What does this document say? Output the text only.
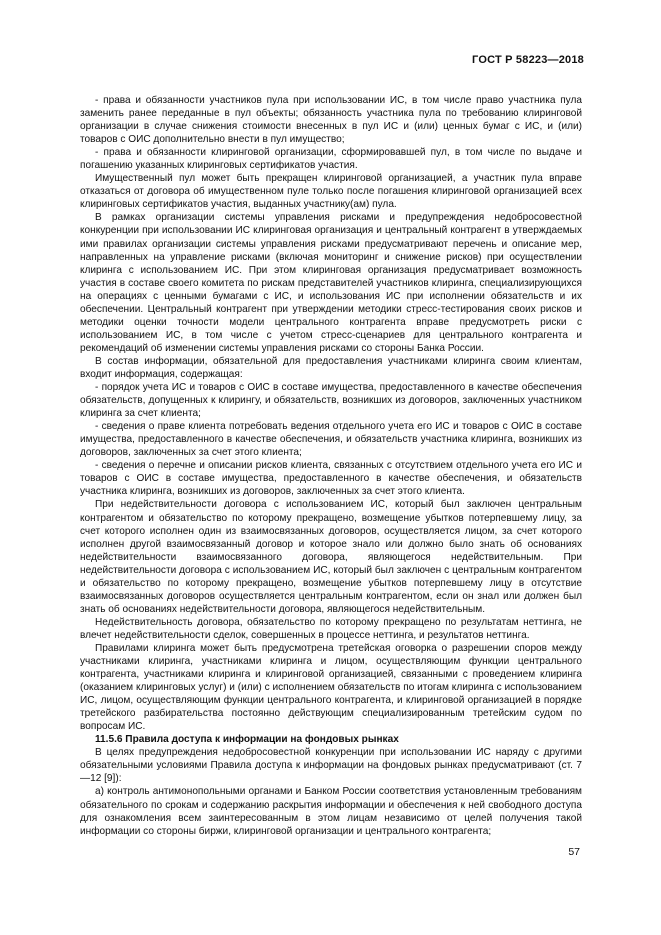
ГОСТ Р 58223—2018

- права и обязанности участников пула при использовании ИС, в том числе право участника пула заменить ранее переданные в пул объекты; обязанность участника пула по требованию клиринговой организации в случае снижения стоимости внесенных в пул ИС и (или) ценных бумаг с ИС, и (или) товаров с ОИС дополнительно внести в пул имущество;

- права и обязанности клиринговой организации, сформировавшей пул, в том числе по выдаче и погашению указанных клиринговых сертификатов участия.

Имущественный пул может быть прекращен клиринговой организацией, а участник пула вправе отказаться от договора об имущественном пуле только после погашения клиринговой организацией всех клиринговых сертификатов участия, выданных участнику(ам) пула.

В рамках организации системы управления рисками и предупреждения недобросовестной конкуренции при использовании ИС клиринговая организация и центральный контрагент в утверждаемых ими правилах организации системы управления рисками предусматривают перечень и описание мер, направленных на управление рисками (включая мониторинг и снижение рисков) при осуществлении клиринга с использованием ИС. При этом клиринговая организация предусматривает возможность участия в составе своего комитета по рискам представителей участников клиринга, специализирующихся на операциях с ценными бумагами с ИС, и использования ИС при исполнении обязательств и их обеспечении. Центральный контрагент при утверждении методики стресс-тестирования своих рисков и методики оценки точности модели центрального контрагента вправе предусмотреть риски с использованием ИС, в том числе с учетом стресс-сценариев для центрального контрагента и рекомендаций об изменении системы управления рисками со стороны Банка России.

В состав информации, обязательной для предоставления участниками клиринга своим клиентам, входит информация, содержащая:

- порядок учета ИС и товаров с ОИС в составе имущества, предоставленного в качестве обеспечения обязательств, допущенных к клирингу, и обязательств, возникших из договоров, заключенных участником клиринга за счет клиента;

- сведения о праве клиента потребовать ведения отдельного учета его ИС и товаров с ОИС в составе имущества, предоставленного в качестве обеспечения, и обязательств участника клиринга, возникших из договоров, заключенных за счет этого клиента;

- сведения о перечне и описании рисков клиента, связанных с отсутствием отдельного учета его ИС и товаров с ОИС в составе имущества, предоставленного в качестве обеспечения, и обязательств участника клиринга, возникших из договоров, заключенных за счет этого клиента.

При недействительности договора с использованием ИС, который был заключен центральным контрагентом и обязательство по которому прекращено, возмещение убытков потерпевшему лицу, за счет которого исполнен один из взаимосвязанных договоров, осуществляется лицом, за счет которого исполнен другой взаимосвязанный договор и которое знало или должно было знать об основаниях недействительности взаимосвязанного договора, являющегося недействительным. При недействительности договора с использованием ИС, который был заключен с центральным контрагентом и обязательство по которому прекращено, возмещение убытков потерпевшему лицу в отсутствие взаимосвязанных договоров осуществляется центральным контрагентом, если он знал или должен был знать об основаниях недействительности договора, являющегося недействительным.

Недействительность договора, обязательство по которому прекращено по результатам неттинга, не влечет недействительности сделок, совершенных в процессе неттинга, и результатов неттинга.

Правилами клиринга может быть предусмотрена третейская оговорка о разрешении споров между участниками клиринга, участниками клиринга и лицом, осуществляющим функции центрального контрагента, участниками клиринга и клиринговой организацией, связанными с проведением клиринга (оказанием клиринговых услуг) и (или) с исполнением обязательств по итогам клиринга с использованием ИС, лицом, осуществляющим функции центрального контрагента, и клиринговой организацией в порядке третейского разбирательства постоянно действующим специализированным третейским судом по вопросам ИС.

11.5.6 Правила доступа к информации на фондовых рынках

В целях предупреждения недобросовестной конкуренции при использовании ИС наряду с другими обязательными условиями Правила доступа к информации на фондовых рынках предусматривают (ст. 7—12 [9]):

а) контроль антимонопольными органами и Банком России соответствия установленным требованиям обязательного по срокам и содержанию раскрытия информации и обеспечения к ней свободного доступа для ознакомления всем заинтересованным в этом лицам независимо от целей получения такой информации со стороны биржи, клиринговой организации и центрального контрагента;

57
